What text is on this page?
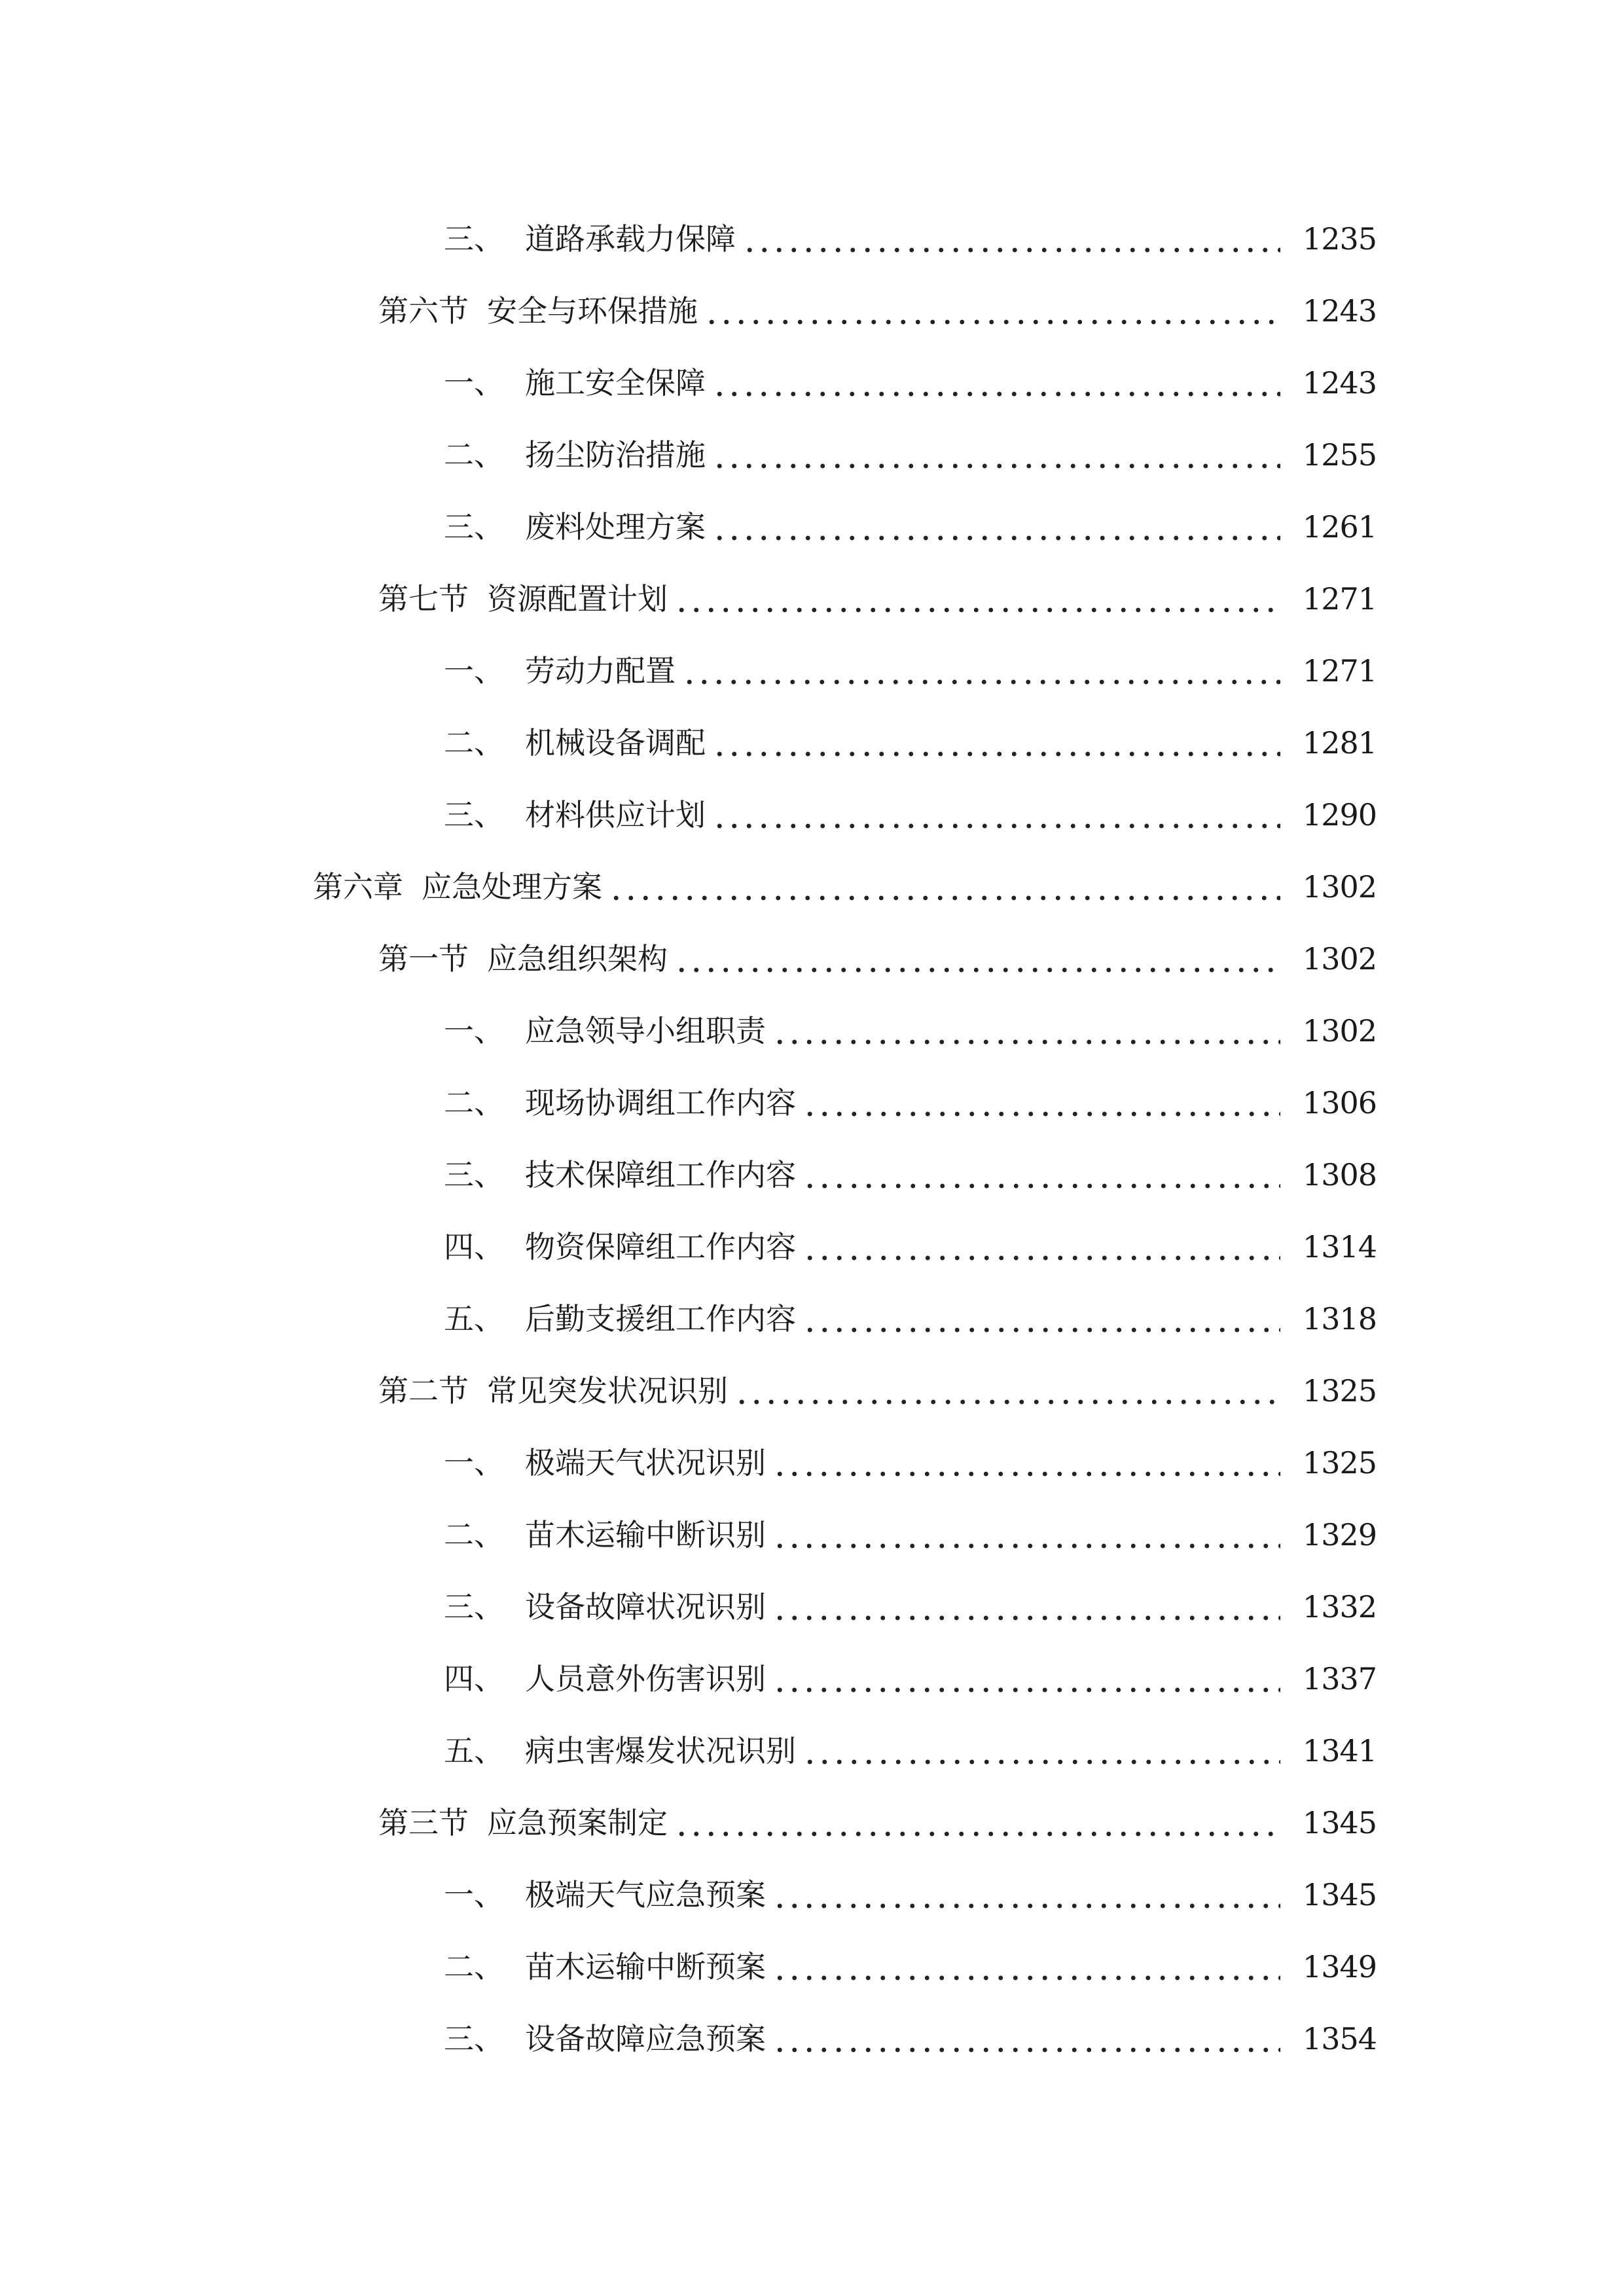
三、 道路承载力保障	1235
第六节 安全与环保措施	1243
一、 施工安全保障	1243
二、 扬尘防治措施	1255
三、 废料处理方案	1261
第七节 资源配置计划	1271
一、 劳动力配置	1271
二、 机械设备调配	1281
三、 材料供应计划	1290
第六章 应急处理方案	1302
第一节 应急组织架构	1302
一、 应急领导小组职责	1302
二、 现场协调组工作内容	1306
三、 技术保障组工作内容	1308
四、 物资保障组工作内容	1314
五、 后勤支援组工作内容	1318
第二节 常见突发状况识别	1325
一、 极端天气状况识别	1325
二、 苗木运输中断识别	1329
三、 设备故障状况识别	1332
四、 人员意外伤害识别	1337
五、 病虫害爆发状况识别	1341
第三节 应急预案制定	1345
一、 极端天气应急预案	1345
二、 苗木运输中断预案	1349
三、 设备故障应急预案	1354
